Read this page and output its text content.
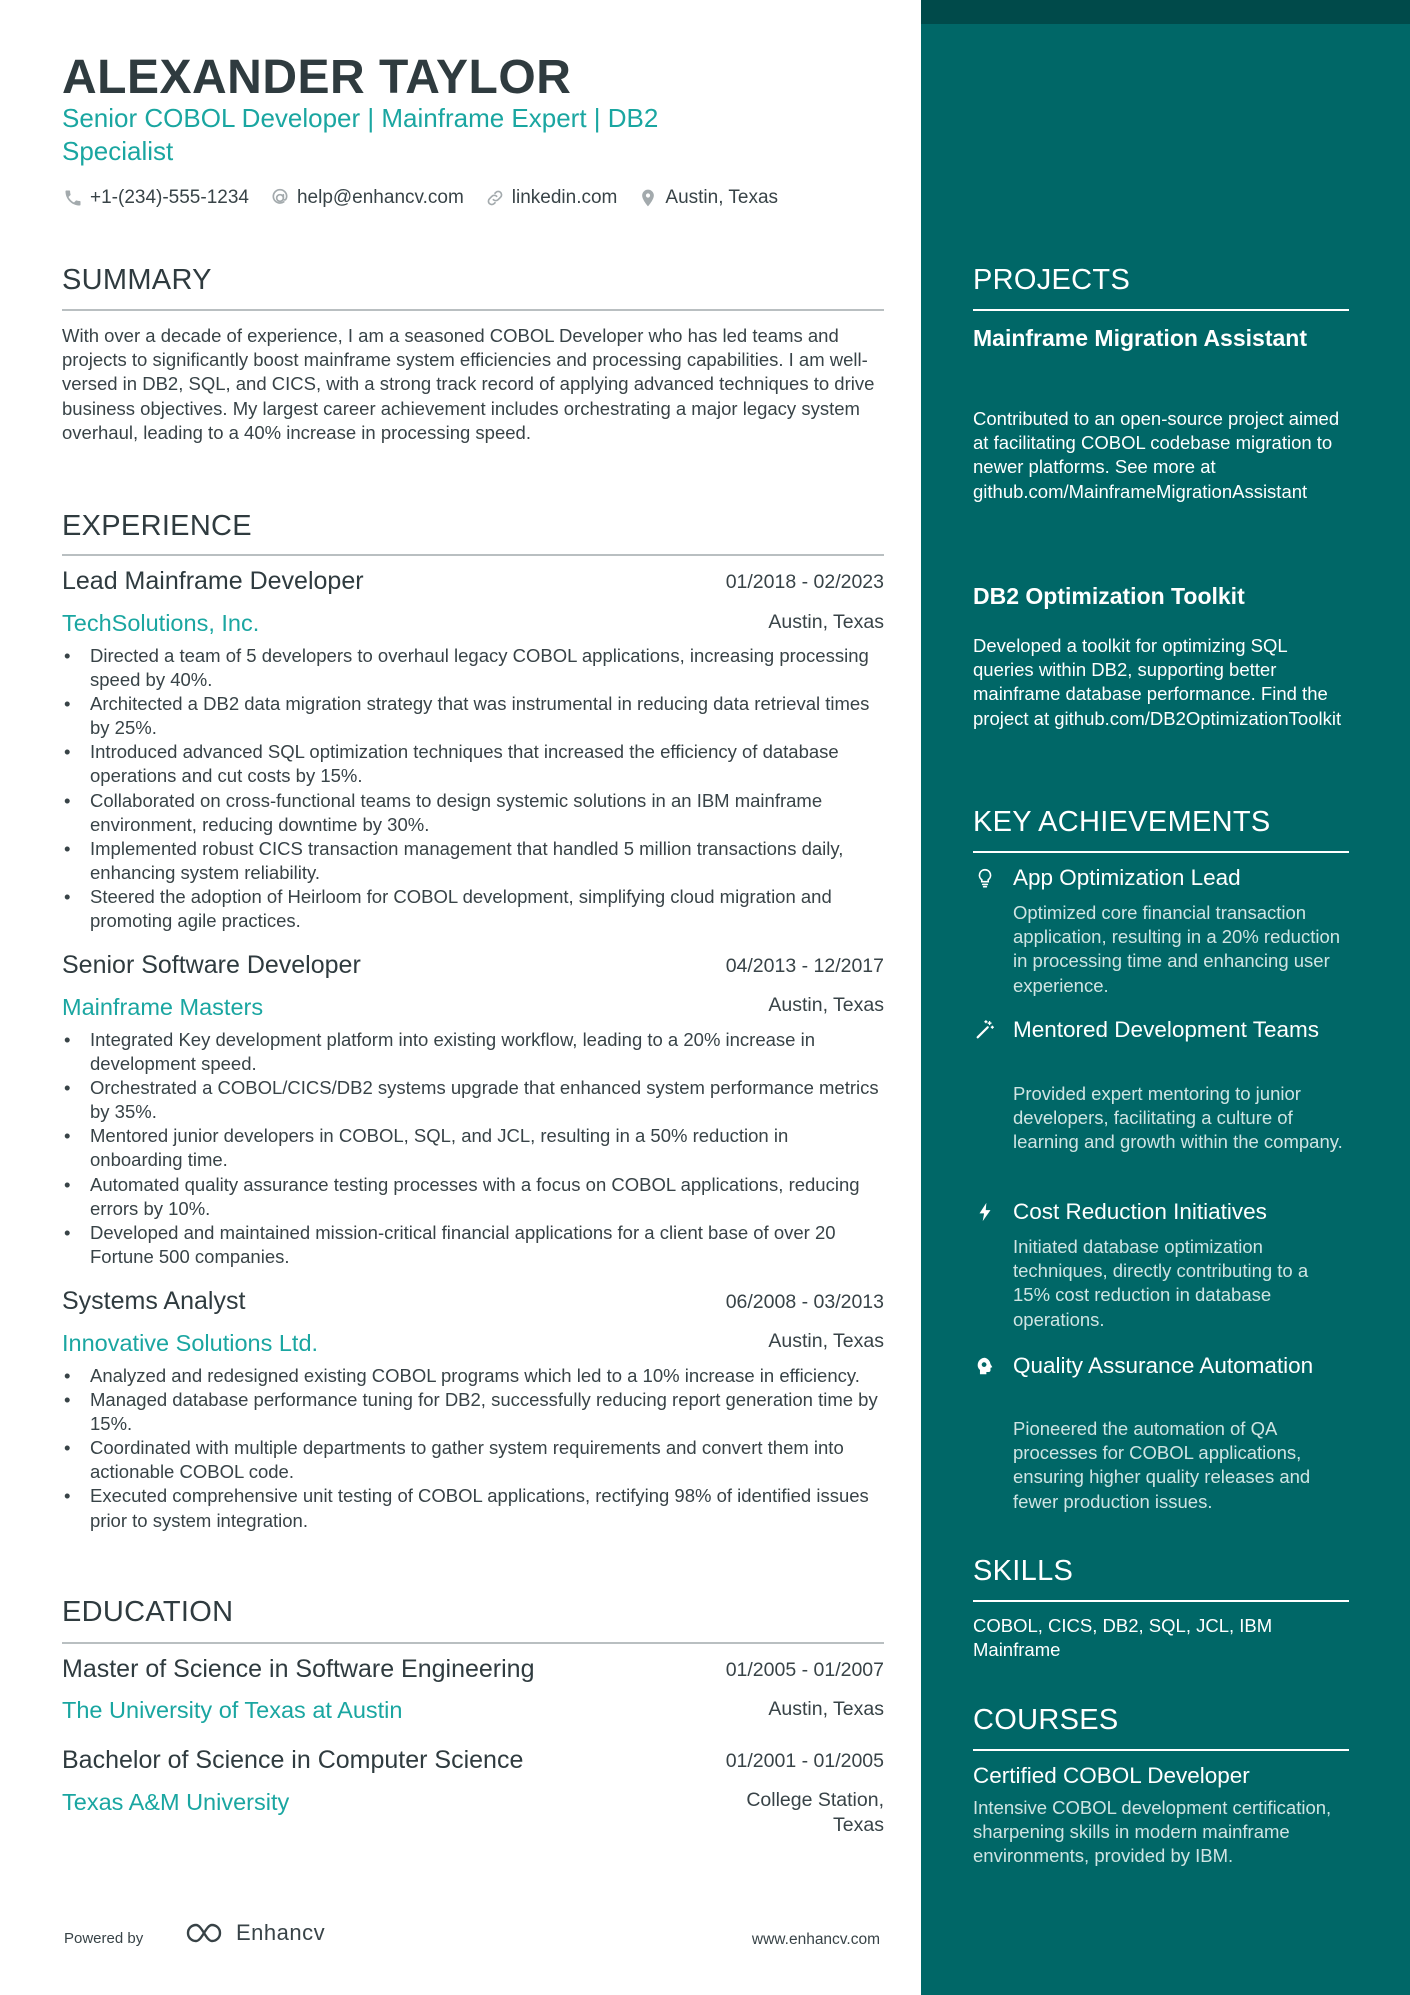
ALEXANDER TAYLOR
Senior COBOL Developer | Mainframe Expert | DB2 Specialist
+1-(234)-555-1234	help@enhancv.com	linkedin.com	Austin, Texas
SUMMARY
With over a decade of experience, I am a seasoned COBOL Developer who has led teams and projects to significantly boost mainframe system efficiencies and processing capabilities. I am well-versed in DB2, SQL, and CICS, with a strong track record of applying advanced techniques to drive business objectives. My largest career achievement includes orchestrating a major legacy system overhaul, leading to a 40% increase in processing speed.
EXPERIENCE
Lead Mainframe Developer	01/2018 - 02/2023
TechSolutions, Inc.	Austin, Texas
• Directed a team of 5 developers to overhaul legacy COBOL applications, increasing processing speed by 40%.
• Architected a DB2 data migration strategy that was instrumental in reducing data retrieval times by 25%.
• Introduced advanced SQL optimization techniques that increased the efficiency of database operations and cut costs by 15%.
• Collaborated on cross-functional teams to design systemic solutions in an IBM mainframe environment, reducing downtime by 30%.
• Implemented robust CICS transaction management that handled 5 million transactions daily, enhancing system reliability.
• Steered the adoption of Heirloom for COBOL development, simplifying cloud migration and promoting agile practices.
Senior Software Developer	04/2013 - 12/2017
Mainframe Masters	Austin, Texas
• Integrated Key development platform into existing workflow, leading to a 20% increase in development speed.
• Orchestrated a COBOL/CICS/DB2 systems upgrade that enhanced system performance metrics by 35%.
• Mentored junior developers in COBOL, SQL, and JCL, resulting in a 50% reduction in onboarding time.
• Automated quality assurance testing processes with a focus on COBOL applications, reducing errors by 10%.
• Developed and maintained mission-critical financial applications for a client base of over 20 Fortune 500 companies.
Systems Analyst	06/2008 - 03/2013
Innovative Solutions Ltd.	Austin, Texas
• Analyzed and redesigned existing COBOL programs which led to a 10% increase in efficiency.
• Managed database performance tuning for DB2, successfully reducing report generation time by 15%.
• Coordinated with multiple departments to gather system requirements and convert them into actionable COBOL code.
• Executed comprehensive unit testing of COBOL applications, rectifying 98% of identified issues prior to system integration.
EDUCATION
Master of Science in Software Engineering	01/2005 - 01/2007
The University of Texas at Austin	Austin, Texas
Bachelor of Science in Computer Science	01/2001 - 01/2005
Texas A&M University	College Station, Texas
Powered by	Enhancv	www.enhancv.com
PROJECTS
Mainframe Migration Assistant
Contributed to an open-source project aimed at facilitating COBOL codebase migration to newer platforms. See more at github.com/MainframeMigrationAssistant
DB2 Optimization Toolkit
Developed a toolkit for optimizing SQL queries within DB2, supporting better mainframe database performance. Find the project at github.com/DB2OptimizationToolkit
KEY ACHIEVEMENTS
App Optimization Lead
Optimized core financial transaction application, resulting in a 20% reduction in processing time and enhancing user experience.
Mentored Development Teams
Provided expert mentoring to junior developers, facilitating a culture of learning and growth within the company.
Cost Reduction Initiatives
Initiated database optimization techniques, directly contributing to a 15% cost reduction in database operations.
Quality Assurance Automation
Pioneered the automation of QA processes for COBOL applications, ensuring higher quality releases and fewer production issues.
SKILLS
COBOL, CICS, DB2, SQL, JCL, IBM Mainframe
COURSES
Certified COBOL Developer
Intensive COBOL development certification, sharpening skills in modern mainframe environments, provided by IBM.
